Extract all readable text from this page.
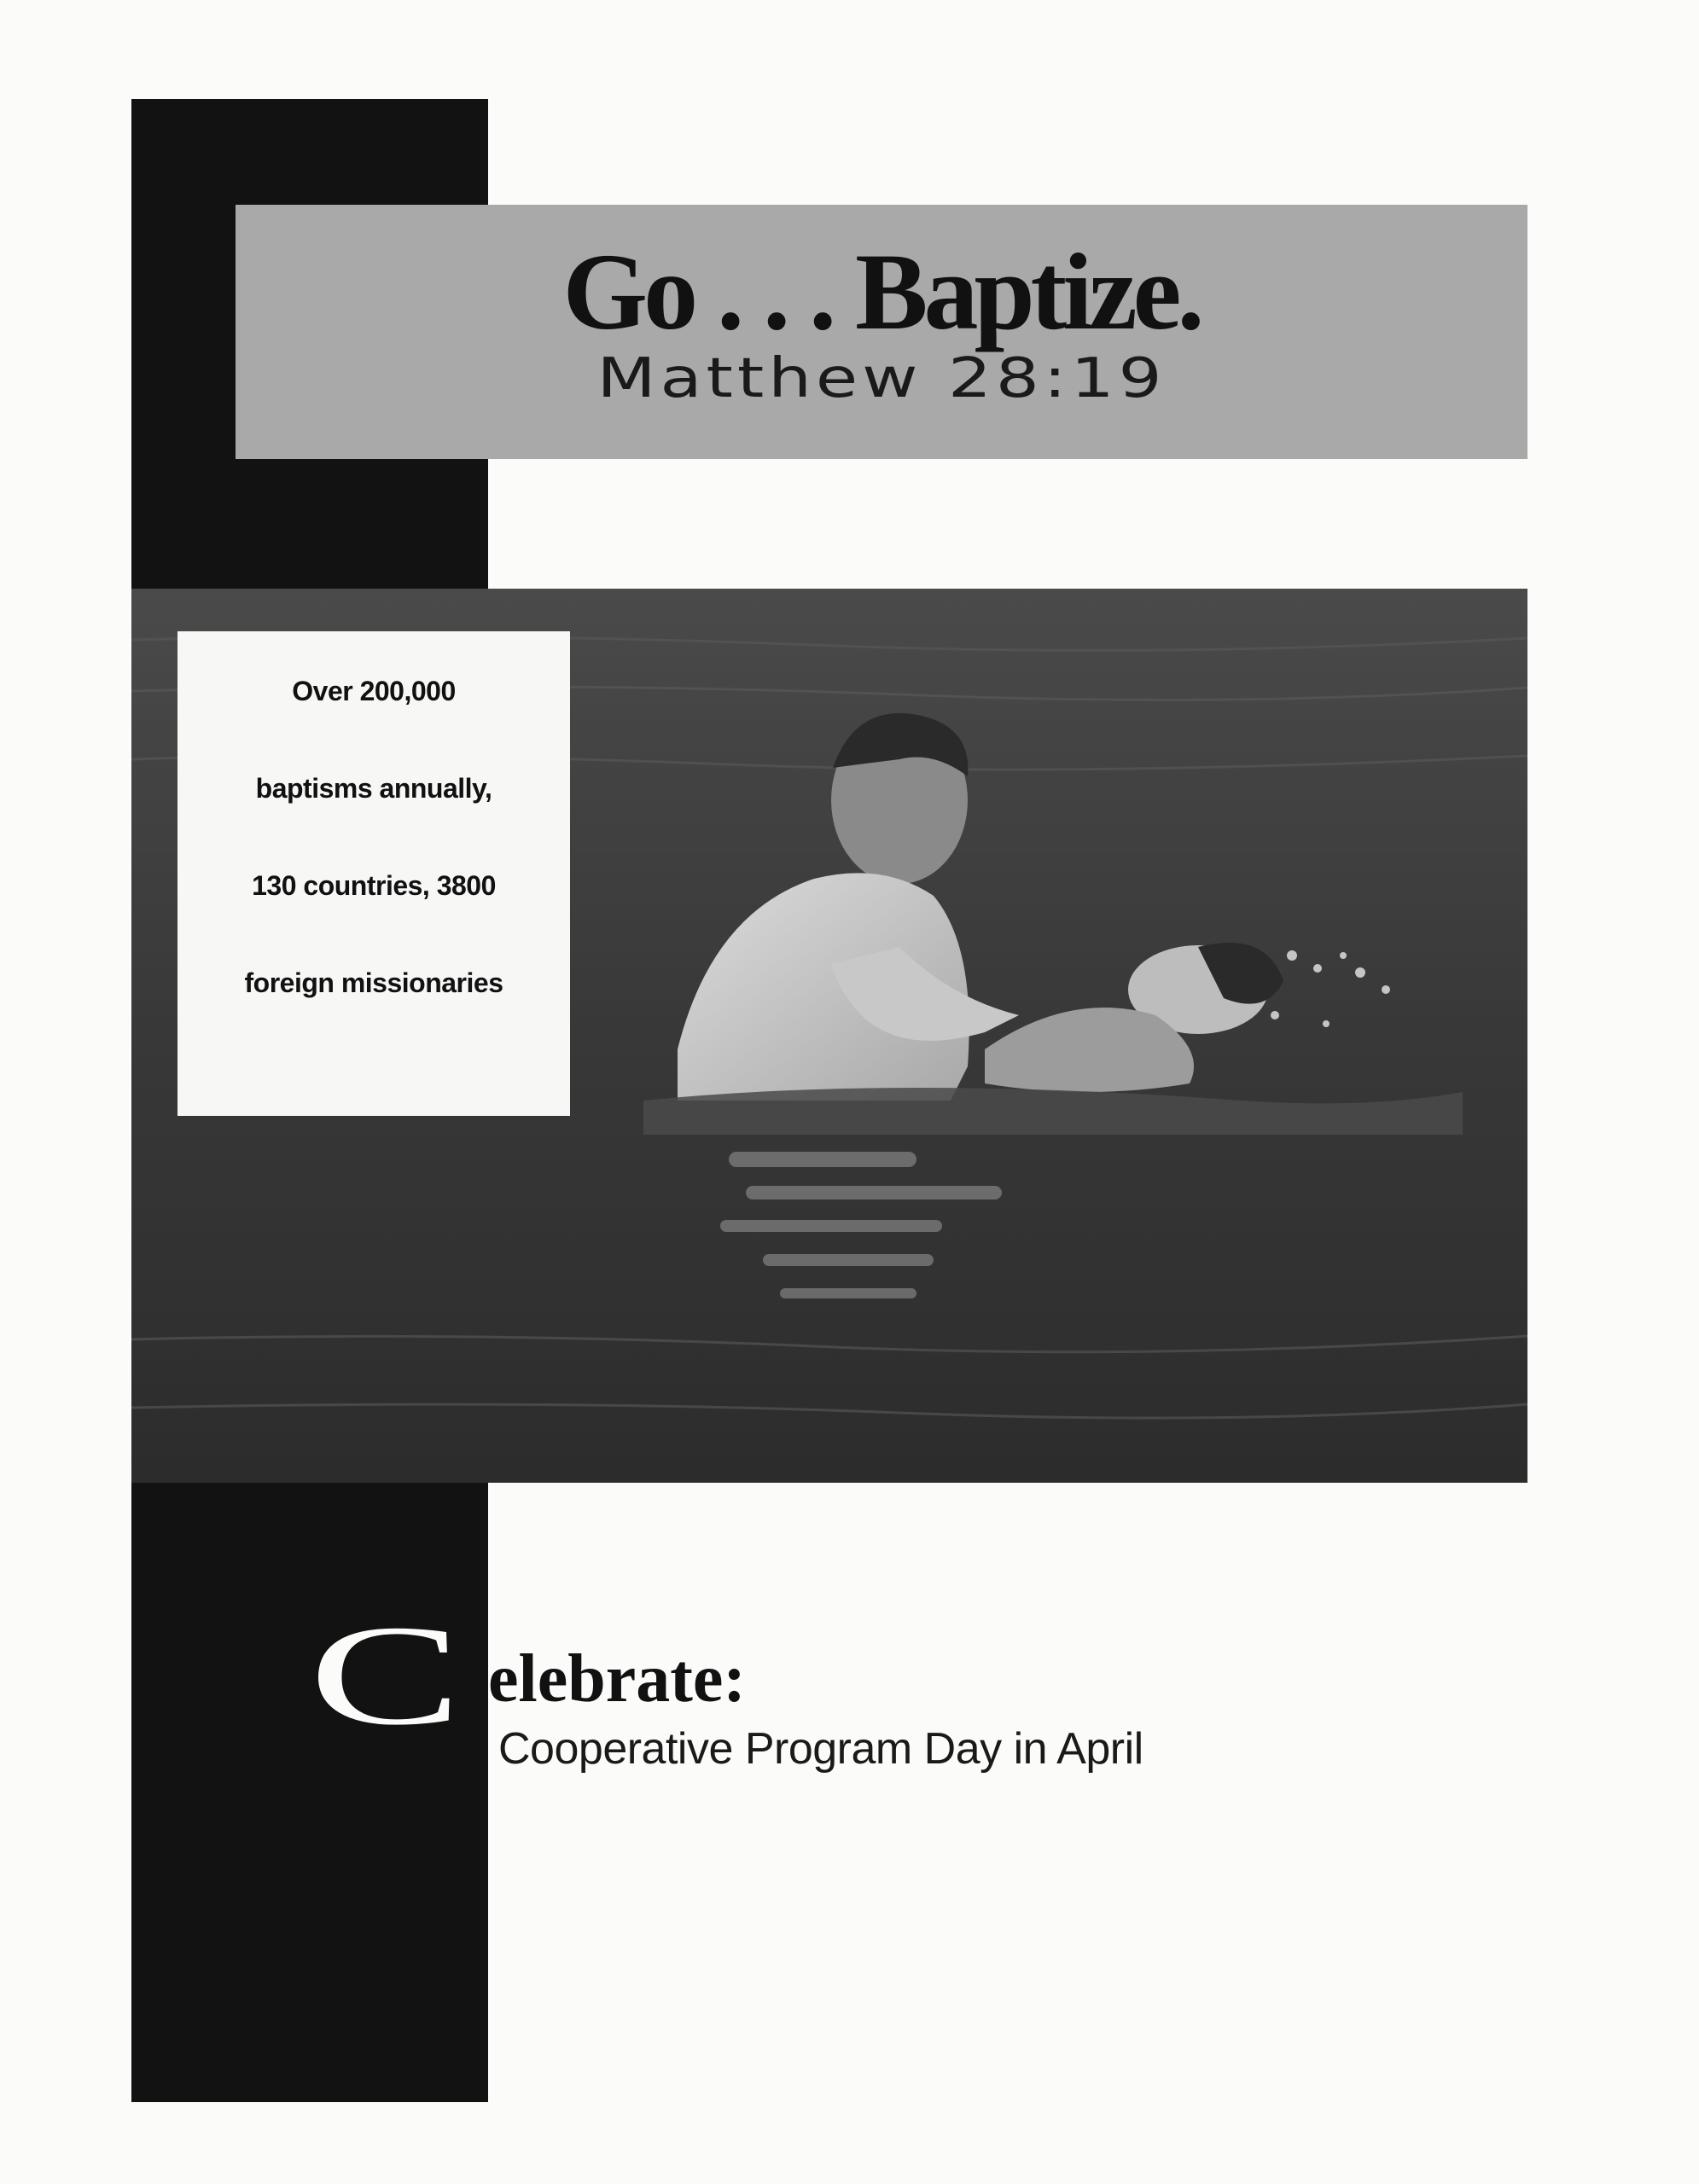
Go . . . Baptize.
Matthew 28:19
Over 200,000
baptisms annually,
130 countries, 3800
foreign missionaries
C elebrate:
Cooperative Program Day in April
